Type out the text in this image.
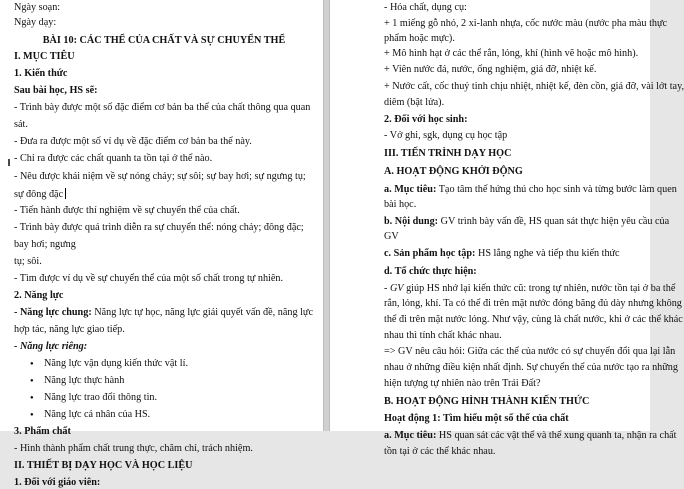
Ngày soạn:
Ngày dạy:
BÀI 10: CÁC THỂ CỦA CHẤT VÀ SỰ CHUYỂN THỂ
I. MỤC TIÊU
1. Kiến thức
Sau bài học, HS sẽ:
- Trình bày được một số đặc điểm cơ bản ba thể của chất thông qua quan
sát.
- Đưa ra được một số ví dụ về đặc điểm cơ bản ba thể này.
- Chỉ ra được các chất quanh ta tồn tại ở thể nào.
- Nêu được khái niệm về sự nóng chảy; sự sôi; sự bay hơi; sự ngưng tụ;
sự đông đặc
- Tiến hành được thí nghiệm về sự chuyển thể của chất.
- Trình bày được quá trình diễn ra sự chuyển thể: nóng chảy; đông đặc;
bay hơi; ngưng
tụ; sôi.
- Tìm được ví dụ về sự chuyển thể của một số chất trong tự nhiên.
2. Năng lực
- Năng lực chung: Năng lực tự học, năng lực giải quyết vấn đề, năng lực
hợp tác, năng lực giao tiếp.
- Năng lực riêng:
● Năng lực vận dụng kiến thức vật lí.
● Năng lực thực hành
● Năng lực trao đổi thông tin.
● Năng lực cá nhân của HS.
3. Phẩm chất
- Hình thành phẩm chất trung thực, chăm chỉ, trách nhiệm.
II. THIẾT BỊ DẠY HỌC VÀ HỌC LIỆU
1. Đối với giáo viên:
- Hóa chất, dụng cụ:
+ 1 miếng gỗ nhỏ, 2 xi-lanh nhựa, cốc nước màu (nước pha màu thực
phẩm hoặc mực).
+ Mô hình hạt ở các thể rắn, lỏng, khí (hình vẽ hoặc mô hình).
+ Viên nước đá, nước, ống nghiệm, giá đỡ, nhiệt kế.
+ Nước cất, cốc thuỷ tinh chịu nhiệt, nhiệt kế, đèn cồn, giá đỡ, vài lớt tay,
diêm (bật lửa).
2. Đối với học sinh:
- Vở ghi, sgk, dụng cụ học tập
III. TIẾN TRÌNH DẠY HỌC
A. HOẠT ĐỘNG KHỞI ĐỘNG
a. Mục tiêu: Tạo tâm thế hứng thú cho học sinh và từng bước làm quen
bài học.
b. Nội dung: GV trình bày vấn đề, HS quan sát thực hiện yêu cầu của
GV
c. Sản phẩm học tập: HS lắng nghe và tiếp thu kiến thức
d. Tổ chức thực hiện:
- GV giúp HS nhớ lại kiến thức cũ: trong tự nhiên, nước tồn tại ở ba thể
rắn, lỏng, khí. Ta có thể đi trên mặt nước đóng băng đủ dày nhưng không
thể đi trên mặt nước lỏng. Như vậy, cùng là chất nước, khi ở các thể khác
nhau thì tính chất khác nhau.
=> GV nêu câu hỏi: Giữa các thể của nước có sự chuyển đổi qua lại lẫn
nhau ở những điều kiện nhất định. Sự chuyển thể của nước tạo ra những
hiện tượng tự nhiên nào trên Trái Đất?
B. HOẠT ĐỘNG HÌNH THÀNH KIẾN THỨC
Hoạt động 1: Tìm hiểu một số thể của chất
a. Mục tiêu: HS quan sát các vật thể và thể xung quanh ta, nhận ra chất
tồn tại ở các thể khác nhau.
